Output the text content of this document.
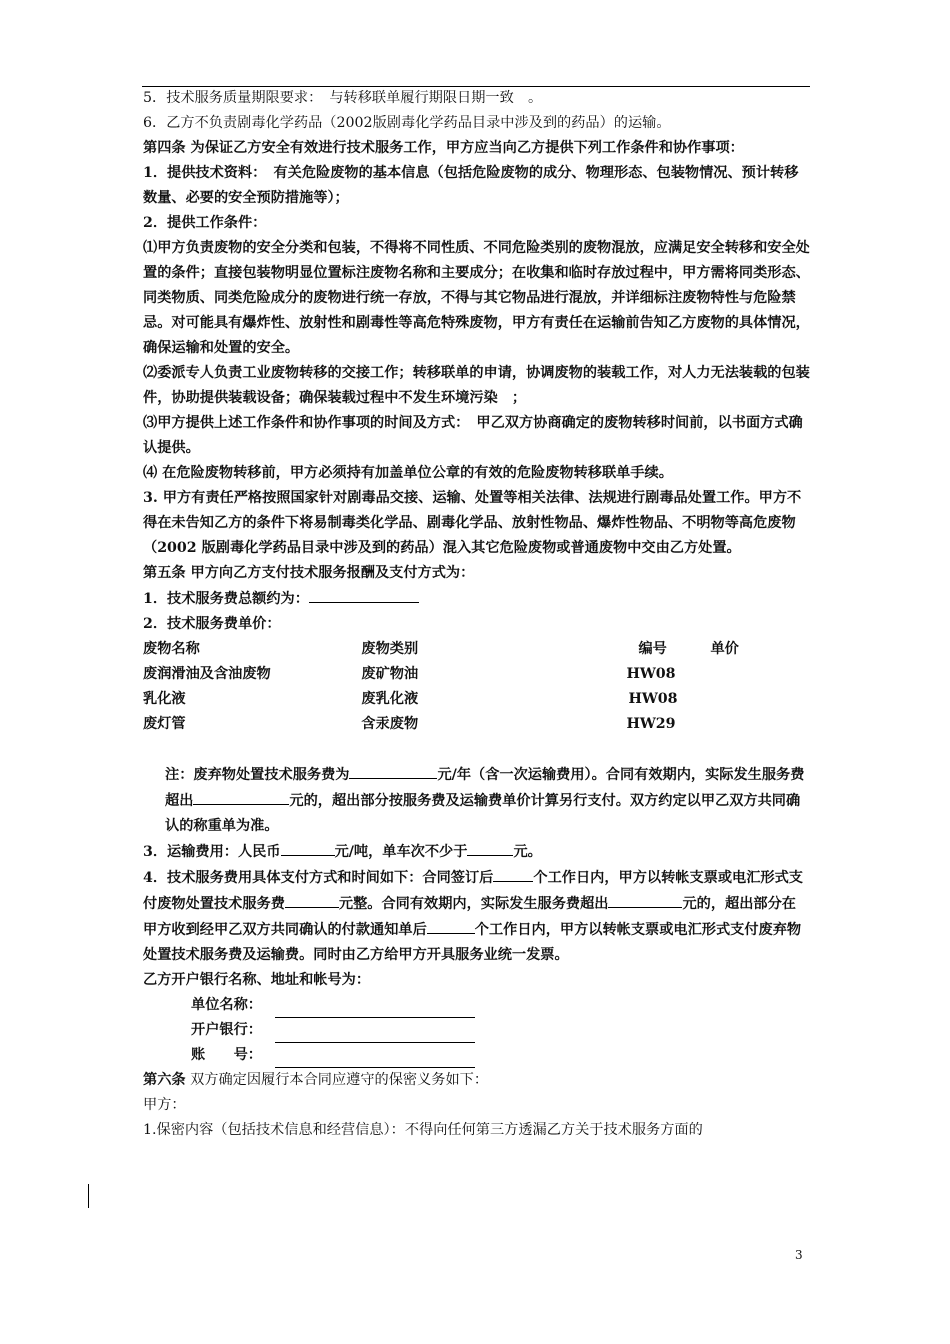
5．技术服务质量期限要求：　与转移联单履行期限日期一致　。

6．乙方不负责剧毒化学药品（2002版剧毒化学药品目录中涉及到的药品）的运输。

第四条 为保证乙方安全有效进行技术服务工作，甲方应当向乙方提供下列工作条件和协作事项：

1．提供技术资料：　有关危险废物的基本信息（包括危险废物的成分、物理形态、包装物情况、预计转移数量、必要的安全预防措施等）；

2．提供工作条件：

⑴甲方负责废物的安全分类和包装，不得将不同性质、不同危险类别的废物混放，应满足安全转移和安全处置的条件；直接包装物明显位置标注废物名称和主要成分；在收集和临时存放过程中，甲方需将同类形态、同类物质、同类危险成分的废物进行统一存放，不得与其它物品进行混放，并详细标注废物特性与危险禁忌。对可能具有爆炸性、放射性和剧毒性等高危特殊废物，甲方有责任在运输前告知乙方废物的具体情况，确保运输和处置的安全。

⑵委派专人负责工业废物转移的交接工作；转移联单的申请，协调废物的装载工作，对人力无法装载的包装件，协助提供装载设备；确保装载过程中不发生环境污染　；

⑶甲方提供上述工作条件和协作事项的时间及方式：　甲乙双方协商确定的废物转移时间前，以书面方式确认提供。

⑷ 在危险废物转移前，甲方必须持有加盖单位公章的有效的危险废物转移联单手续。

3. 甲方有责任严格按照国家针对剧毒品交接、运输、处置等相关法律、法规进行剧毒品处置工作。甲方不得在未告知乙方的条件下将易制毒类化学品、剧毒化学品、放射性物品、爆炸性物品、不明物等高危废物（2002 版剧毒化学药品目录中涉及到的药品）混入其它危险废物或普通废物中交由乙方处置。

第五条 甲方向乙方支付技术服务报酬及支付方式为：

1．技术服务费总额约为：

2．技术服务费单价：

废物名称	废物类别	编号	单价
废润滑油及含油废物	废矿物油	HW08	
乳化液	废乳化液	HW08	
废灯管	含汞废物	HW29	

注：废弃物处置技术服务费为	元/年（含一次运输费用）。合同有效期内，实际发生服务费超出	元的，超出部分按服务费及运输费单价计算另行支付。双方约定以甲乙双方共同确认的称重单为准。

3．运输费用：人民币	元/吨，单车次不少于	元。

4．技术服务费用具体支付方式和时间如下：合同签订后	个工作日内，甲方以转帐支票或电汇形式支付废物处置技术服务费	元整。合同有效期内，实际发生服务费超出	元的，超出部分在甲方收到经甲乙双方共同确认的付款通知单后	个工作日内，甲方以转帐支票或电汇形式支付废弃物处置技术服务费及运输费。同时由乙方给甲方开具服务业统一发票。

乙方开户银行名称、地址和帐号为：

单位名称：
开户银行：
账　　号：

第六条 双方确定因履行本合同应遵守的保密义务如下：

甲方：

1.保密内容（包括技术信息和经营信息）：不得向任何第三方透漏乙方关于技术服务方面的

3
